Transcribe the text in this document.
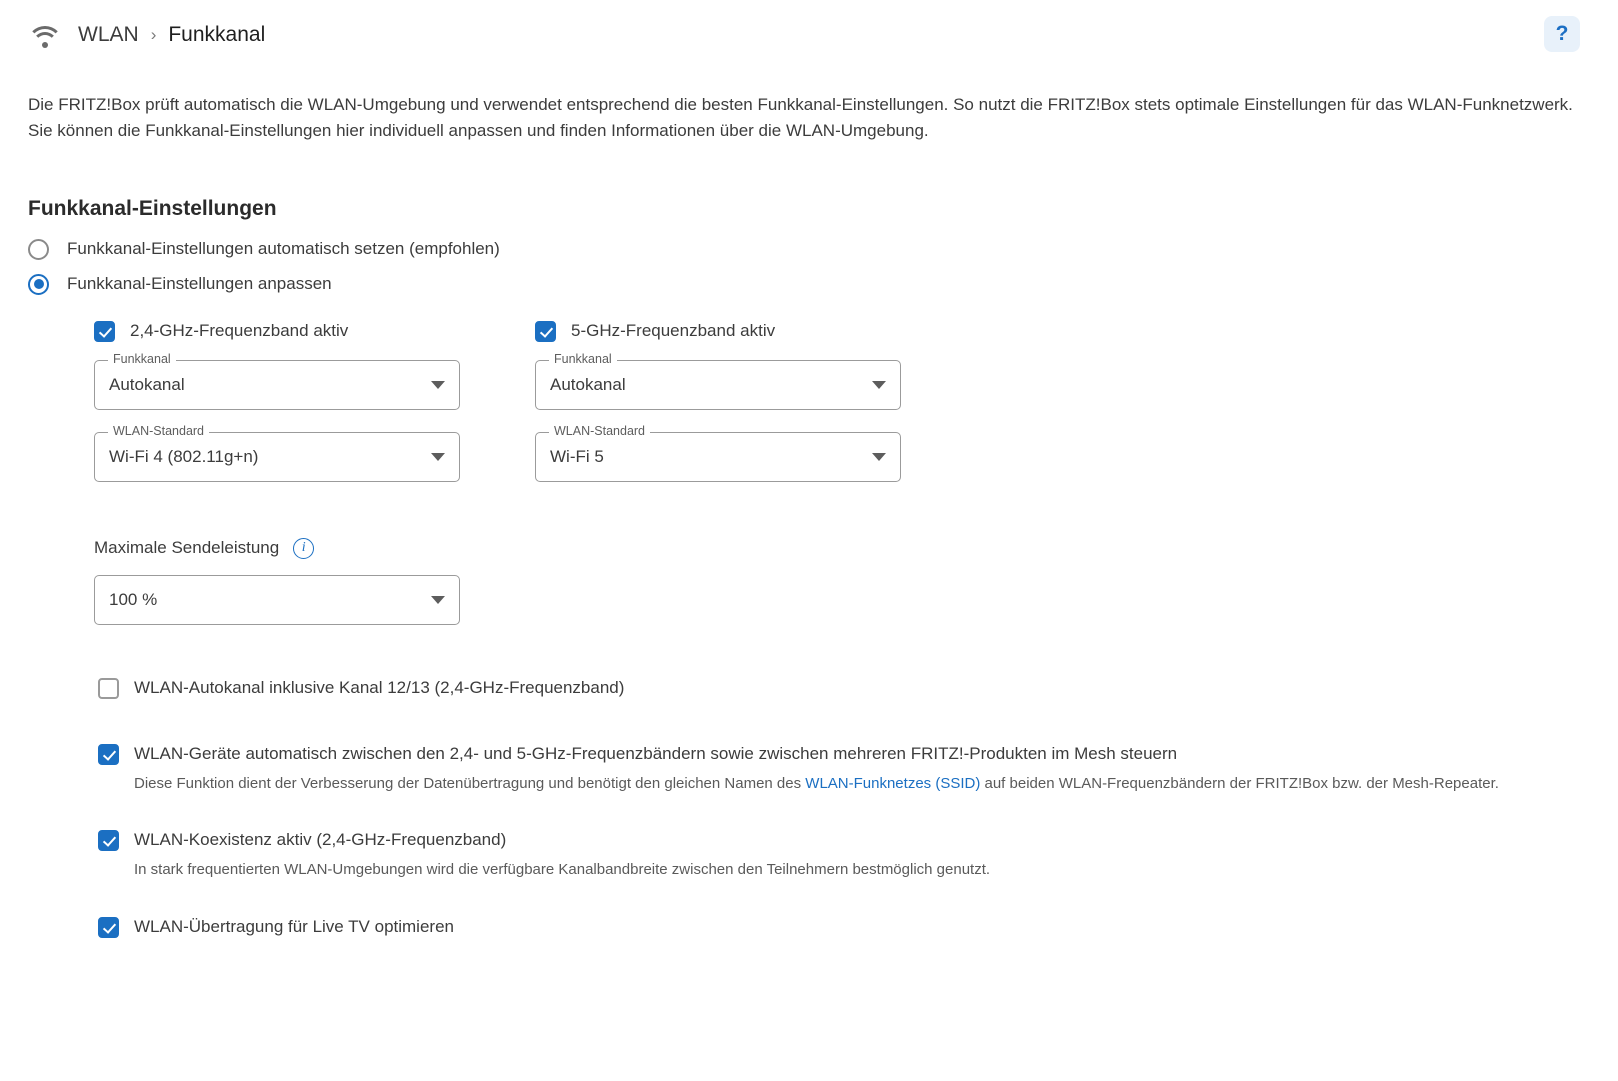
WLAN › Funkkanal	?

Die FRITZ!Box prüft automatisch die WLAN-Umgebung und verwendet entsprechend die besten Funkkanal-Einstellungen. So nutzt die FRITZ!Box stets optimale Einstellungen für das WLAN-Funknetzwerk. Sie können die Funkkanal-Einstellungen hier individuell anpassen und finden Informationen über die WLAN-Umgebung.

Funkkanal-Einstellungen
Funkkanal-Einstellungen automatisch setzen (empfohlen)
Funkkanal-Einstellungen anpassen
2,4-GHz-Frequenzband aktiv
Funkkanal
Autokanal
WLAN-Standard
Wi-Fi 4 (802.11g+n)
5-GHz-Frequenzband aktiv
Funkkanal
Autokanal
WLAN-Standard
Wi-Fi 5
Maximale Sendeleistung	i
100 %
WLAN-Autokanal inklusive Kanal 12/13 (2,4-GHz-Frequenzband)
WLAN-Geräte automatisch zwischen den 2,4- und 5-GHz-Frequenzbändern sowie zwischen mehreren FRITZ!-Produkten im Mesh steuern
Diese Funktion dient der Verbesserung der Datenübertragung und benötigt den gleichen Namen des WLAN-Funknetzes (SSID) auf beiden WLAN-Frequenzbändern der FRITZ!Box bzw. der Mesh-Repeater.
WLAN-Koexistenz aktiv (2,4-GHz-Frequenzband)
In stark frequentierten WLAN-Umgebungen wird die verfügbare Kanalbandbreite zwischen den Teilnehmern bestmöglich genutzt.
WLAN-Übertragung für Live TV optimieren
